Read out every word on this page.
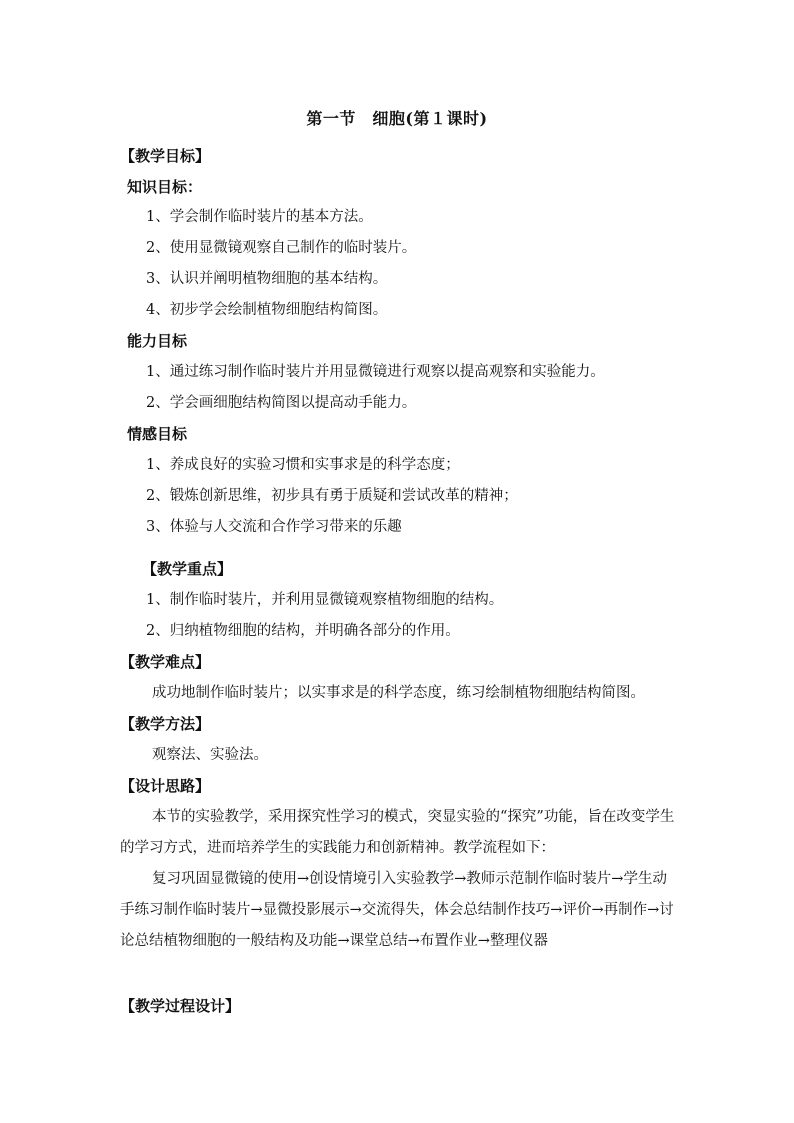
第一节　细胞(第１课时)
【教学目标】
知识目标：
1、学会制作临时装片的基本方法。
2、使用显微镜观察自己制作的临时装片。
3、认识并阐明植物细胞的基本结构。
4、初步学会绘制植物细胞结构简图。
能力目标
1、通过练习制作临时装片并用显微镜进行观察以提高观察和实验能力。
2、学会画细胞结构简图以提高动手能力。
情感目标
1、养成良好的实验习惯和实事求是的科学态度；
2、锻炼创新思维，初步具有勇于质疑和尝试改革的精神；
3、体验与人交流和合作学习带来的乐趣
【教学重点】
1、制作临时装片，并利用显微镜观察植物细胞的结构。
2、归纳植物细胞的结构，并明确各部分的作用。
【教学难点】
成功地制作临时装片；以实事求是的科学态度，练习绘制植物细胞结构简图。
【教学方法】
观察法、实验法。
【设计思路】
本节的实验教学，采用探究性学习的模式，突显实验的“探究”功能，旨在改变学生的学习方式，进而培养学生的实践能力和创新精神。教学流程如下：
复习巩固显微镜的使用→创设情境引入实验教学→教师示范制作临时装片→学生动手练习制作临时装片→显微投影展示→交流得失，体会总结制作技巧→评价→再制作→讨论总结植物细胞的一般结构及功能→课堂总结→布置作业→整理仪器
【教学过程设计】
